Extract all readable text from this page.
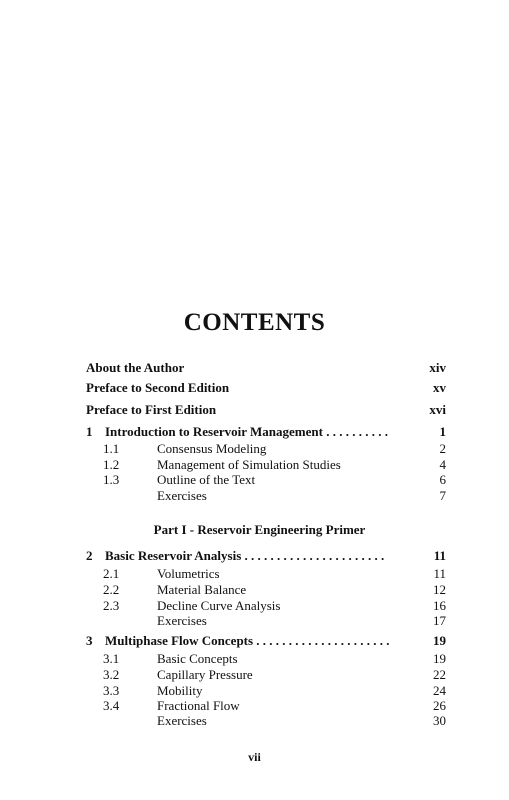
CONTENTS
About the Author	xiv
Preface to Second Edition	xv
Preface to First Edition	xvi
1 Introduction to Reservoir Management . . . . . . . . . .	1
1.1	Consensus Modeling	2
1.2	Management of Simulation Studies	4
1.3	Outline of the Text	6
Exercises	7
2 Basic Reservoir Analysis . . . . . . . . . . . . . . . . . . . . . .	11
2.1	Volumetrics	11
2.2	Material Balance	12
2.3	Decline Curve Analysis	16
Exercises	17
3 Multiphase Flow Concepts . . . . . . . . . . . . . . . . . . . . .	19
3.1	Basic Concepts	19
3.2	Capillary Pressure	22
3.3	Mobility	24
3.4	Fractional Flow	26
Exercises	30
Part I - Reservoir Engineering Primer
vii
